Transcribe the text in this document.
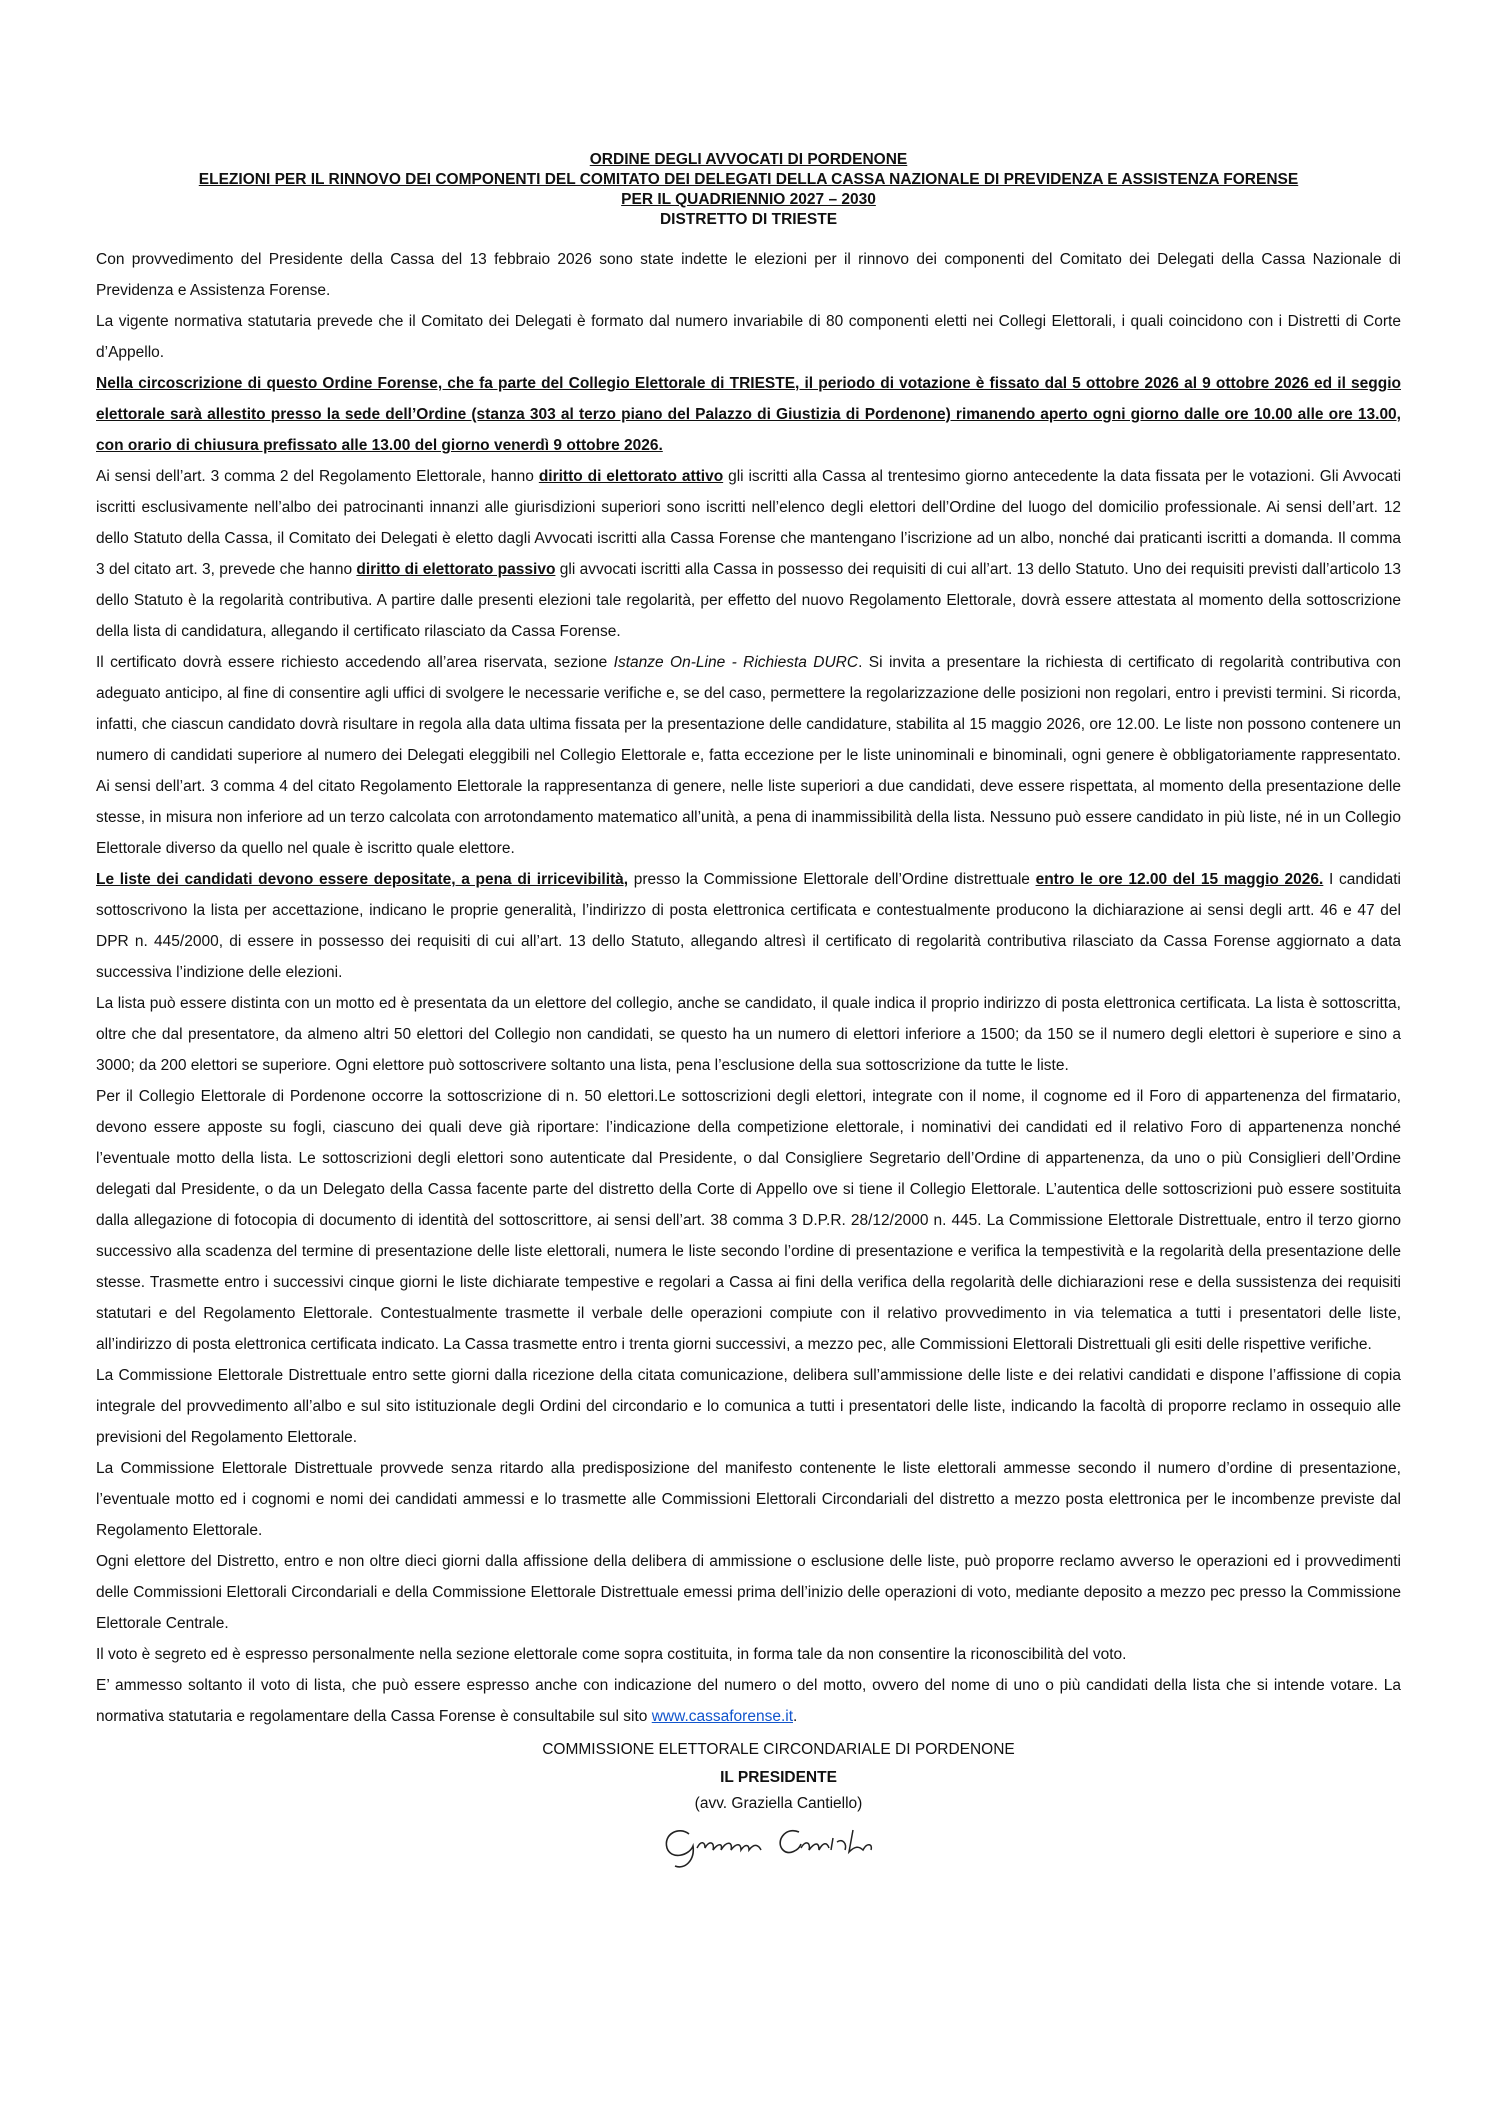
ORDINE DEGLI AVVOCATI DI PORDENONE
ELEZIONI PER IL RINNOVO DEI COMPONENTI DEL COMITATO DEI DELEGATI DELLA CASSA NAZIONALE DI PREVIDENZA E ASSISTENZA FORENSE
PER IL QUADRIENNIO 2027 – 2030
DISTRETTO DI TRIESTE

Con provvedimento del Presidente della Cassa del 13 febbraio 2026 sono state indette le elezioni per il rinnovo dei componenti del Comitato dei Delegati della Cassa Nazionale di Previdenza e Assistenza Forense.

La vigente normativa statutaria prevede che il Comitato dei Delegati è formato dal numero invariabile di 80 componenti eletti nei Collegi Elettorali, i quali coincidono con i Distretti di Corte d’Appello.

Nella circoscrizione di questo Ordine Forense, che fa parte del Collegio Elettorale di TRIESTE, il periodo di votazione è fissato dal 5 ottobre 2026 al 9 ottobre 2026 ed il seggio elettorale sarà allestito presso la sede dell’Ordine (stanza 303 al terzo piano del Palazzo di Giustizia di Pordenone) rimanendo aperto ogni giorno dalle ore 10.00 alle ore 13.00, con orario di chiusura prefissato alle 13.00 del giorno venerdì 9 ottobre 2026.

Ai sensi dell’art. 3 comma 2 del Regolamento Elettorale, hanno diritto di elettorato attivo gli iscritti alla Cassa al trentesimo giorno antecedente la data fissata per le votazioni. Gli Avvocati iscritti esclusivamente nell’albo dei patrocinanti innanzi alle giurisdizioni superiori sono iscritti nell’elenco degli elettori dell’Ordine del luogo del domicilio professionale. Ai sensi dell’art. 12 dello Statuto della Cassa, il Comitato dei Delegati è eletto dagli Avvocati iscritti alla Cassa Forense che mantengano l’iscrizione ad un albo, nonché dai praticanti iscritti a domanda. Il comma 3 del citato art. 3, prevede che hanno diritto di elettorato passivo gli avvocati iscritti alla Cassa in possesso dei requisiti di cui all’art. 13 dello Statuto. Uno dei requisiti previsti dall’articolo 13 dello Statuto è la regolarità contributiva. A partire dalle presenti elezioni tale regolarità, per effetto del nuovo Regolamento Elettorale, dovrà essere attestata al momento della sottoscrizione della lista di candidatura, allegando il certificato rilasciato da Cassa Forense.

Il certificato dovrà essere richiesto accedendo all’area riservata, sezione Istanze On-Line - Richiesta DURC. Si invita a presentare la richiesta di certificato di regolarità contributiva con adeguato anticipo, al fine di consentire agli uffici di svolgere le necessarie verifiche e, se del caso, permettere la regolarizzazione delle posizioni non regolari, entro i previsti termini. Si ricorda, infatti, che ciascun candidato dovrà risultare in regola alla data ultima fissata per la presentazione delle candidature, stabilita al 15 maggio 2026, ore 12.00. Le liste non possono contenere un numero di candidati superiore al numero dei Delegati eleggibili nel Collegio Elettorale e, fatta eccezione per le liste uninominali e binominali, ogni genere è obbligatoriamente rappresentato. Ai sensi dell’art. 3 comma 4 del citato Regolamento Elettorale la rappresentanza di genere, nelle liste superiori a due candidati, deve essere rispettata, al momento della presentazione delle stesse, in misura non inferiore ad un terzo calcolata con arrotondamento matematico all’unità, a pena di inammissibilità della lista. Nessuno può essere candidato in più liste, né in un Collegio Elettorale diverso da quello nel quale è iscritto quale elettore.

Le liste dei candidati devono essere depositate, a pena di irricevibilità, presso la Commissione Elettorale dell’Ordine distrettuale entro le ore 12.00 del 15 maggio 2026. I candidati sottoscrivono la lista per accettazione, indicano le proprie generalità, l’indirizzo di posta elettronica certificata e contestualmente producono la dichiarazione ai sensi degli artt. 46 e 47 del DPR n. 445/2000, di essere in possesso dei requisiti di cui all’art. 13 dello Statuto, allegando altresì il certificato di regolarità contributiva rilasciato da Cassa Forense aggiornato a data successiva l’indizione delle elezioni.

La lista può essere distinta con un motto ed è presentata da un elettore del collegio, anche se candidato, il quale indica il proprio indirizzo di posta elettronica certificata. La lista è sottoscritta, oltre che dal presentatore, da almeno altri 50 elettori del Collegio non candidati, se questo ha un numero di elettori inferiore a 1500; da 150 se il numero degli elettori è superiore e sino a 3000; da 200 elettori se superiore. Ogni elettore può sottoscrivere soltanto una lista, pena l’esclusione della sua sottoscrizione da tutte le liste.

Per il Collegio Elettorale di Pordenone occorre la sottoscrizione di n. 50 elettori.Le sottoscrizioni degli elettori, integrate con il nome, il cognome ed il Foro di appartenenza del firmatario, devono essere apposte su fogli, ciascuno dei quali deve già riportare: l’indicazione della competizione elettorale, i nominativi dei candidati ed il relativo Foro di appartenenza nonché l’eventuale motto della lista. Le sottoscrizioni degli elettori sono autenticate dal Presidente, o dal Consigliere Segretario dell’Ordine di appartenenza, da uno o più Consiglieri dell’Ordine delegati dal Presidente, o da un Delegato della Cassa facente parte del distretto della Corte di Appello ove si tiene il Collegio Elettorale. L’autentica delle sottoscrizioni può essere sostituita dalla allegazione di fotocopia di documento di identità del sottoscrittore, ai sensi dell’art. 38 comma 3 D.P.R. 28/12/2000 n. 445. La Commissione Elettorale Distrettuale, entro il terzo giorno successivo alla scadenza del termine di presentazione delle liste elettorali, numera le liste secondo l’ordine di presentazione e verifica la tempestività e la regolarità della presentazione delle stesse. Trasmette entro i successivi cinque giorni le liste dichiarate tempestive e regolari a Cassa ai fini della verifica della regolarità delle dichiarazioni rese e della sussistenza dei requisiti statutari e del Regolamento Elettorale. Contestualmente trasmette il verbale delle operazioni compiute con il relativo provvedimento in via telematica a tutti i presentatori delle liste, all’indirizzo di posta elettronica certificata indicato. La Cassa trasmette entro i trenta giorni successivi, a mezzo pec, alle Commissioni Elettorali Distrettuali gli esiti delle rispettive verifiche.

La Commissione Elettorale Distrettuale entro sette giorni dalla ricezione della citata comunicazione, delibera sull’ammissione delle liste e dei relativi candidati e dispone l’affissione di copia integrale del provvedimento all’albo e sul sito istituzionale degli Ordini del circondario e lo comunica a tutti i presentatori delle liste, indicando la facoltà di proporre reclamo in ossequio alle previsioni del Regolamento Elettorale.

La Commissione Elettorale Distrettuale provvede senza ritardo alla predisposizione del manifesto contenente le liste elettorali ammesse secondo il numero d’ordine di presentazione, l’eventuale motto ed i cognomi e nomi dei candidati ammessi e lo trasmette alle Commissioni Elettorali Circondariali del distretto a mezzo posta elettronica per le incombenze previste dal Regolamento Elettorale.

Ogni elettore del Distretto, entro e non oltre dieci giorni dalla affissione della delibera di ammissione o esclusione delle liste, può proporre reclamo avverso le operazioni ed i provvedimenti delle Commissioni Elettorali Circondariali e della Commissione Elettorale Distrettuale emessi prima dell’inizio delle operazioni di voto, mediante deposito a mezzo pec presso la Commissione Elettorale Centrale.

Il voto è segreto ed è espresso personalmente nella sezione elettorale come sopra costituita, in forma tale da non consentire la riconoscibilità del voto.

E’ ammesso soltanto il voto di lista, che può essere espresso anche con indicazione del numero o del motto, ovvero del nome di uno o più candidati della lista che si intende votare. La normativa statutaria e regolamentare della Cassa Forense è consultabile sul sito www.cassaforense.it.

COMMISSIONE ELETTORALE CIRCONDARIALE DI PORDENONE
IL PRESIDENTE
(avv. Graziella Cantiello)
